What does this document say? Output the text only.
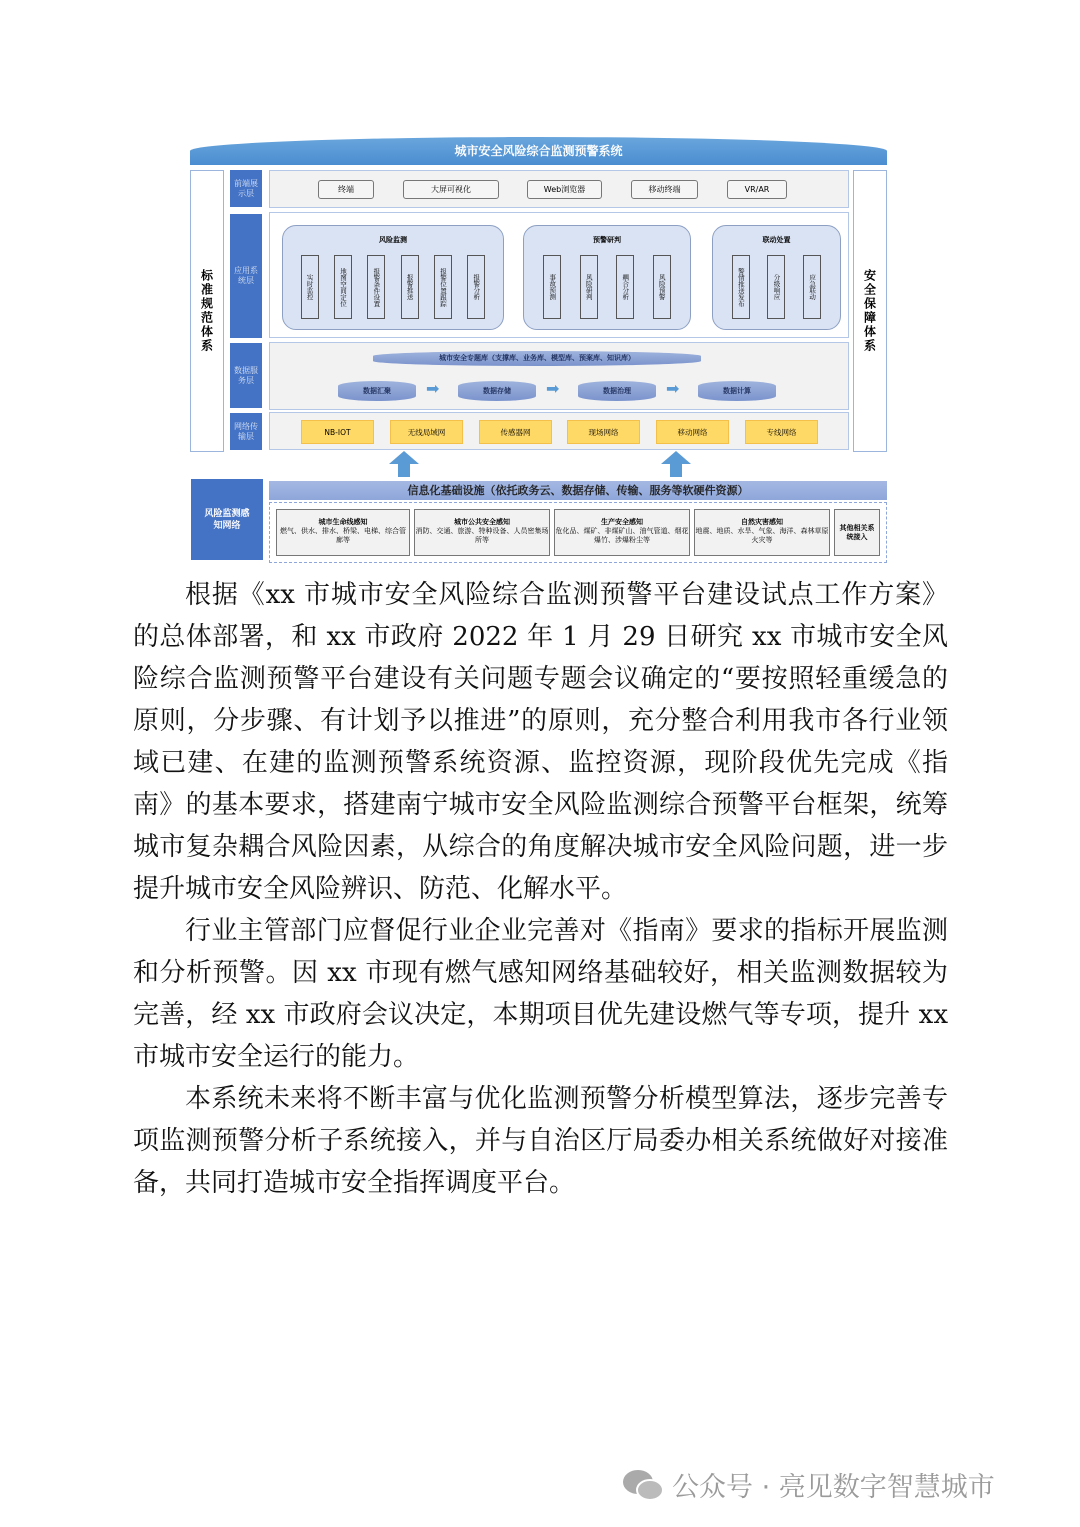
城市安全风险综合监测预警系统
标准规范体系	安全保障体系
前端展示层
应用系统层
数据服务层
网络传输层
终端	大屏可视化	Web浏览器	移动终端	VR/AR
风险监测
实时监控	地图空间定位	报警条件设置	报警推送	报警位置跟踪	报警分析
预警研判
事故预测	风险研判	耦合分析	风险预警
联动处置
警情推送发布	分级响应	应急联动
城市安全专题库（支撑库、业务库、模型库、预案库、知识库）
数据汇聚	➡	数据存储	➡	数据治理	➡	数据计算
NB-IOT	无线局域网	传感器网	现场网络	移动网络	专线网络
风险监测感知网络
信息化基础设施（依托政务云、数据存储、传输、服务等软硬件资源）
城市生命线感知
燃气、供水、排水、桥梁、电梯、综合管廊等
城市公共安全感知
消防、交通、旅游、特种设备、人员密集场所等
生产安全感知
危化品、煤矿、非煤矿山、油气管道、烟花爆竹、涉爆粉尘等
自然灾害感知
地震、地质、水旱、气象、海洋、森林草原火灾等
其他相关系统接入

根据《xx 市城市安全风险综合监测预警平台建设试点工作方案》的总体部署，和 xx 市政府 2022 年 1 月 29 日研究 xx 市城市安全风险综合监测预警平台建设有关问题专题会议确定的“要按照轻重缓急的原则，分步骤、有计划予以推进”的原则，充分整合利用我市各行业领域已建、在建的监测预警系统资源、监控资源，现阶段优先完成《指南》的基本要求，搭建南宁城市安全风险监测综合预警平台框架，统筹城市复杂耦合风险因素，从综合的角度解决城市安全风险问题，进一步提升城市安全风险辨识、防范、化解水平。

行业主管部门应督促行业企业完善对《指南》要求的指标开展监测和分析预警。因 xx 市现有燃气感知网络基础较好，相关监测数据较为完善，经 xx 市政府会议决定，本期项目优先建设燃气等专项，提升 xx 市城市安全运行的能力。

本系统未来将不断丰富与优化监测预警分析模型算法，逐步完善专项监测预警分析子系统接入，并与自治区厅局委办相关系统做好对接准备，共同打造城市安全指挥调度平台。

公众号 · 亮见数字智慧城市
